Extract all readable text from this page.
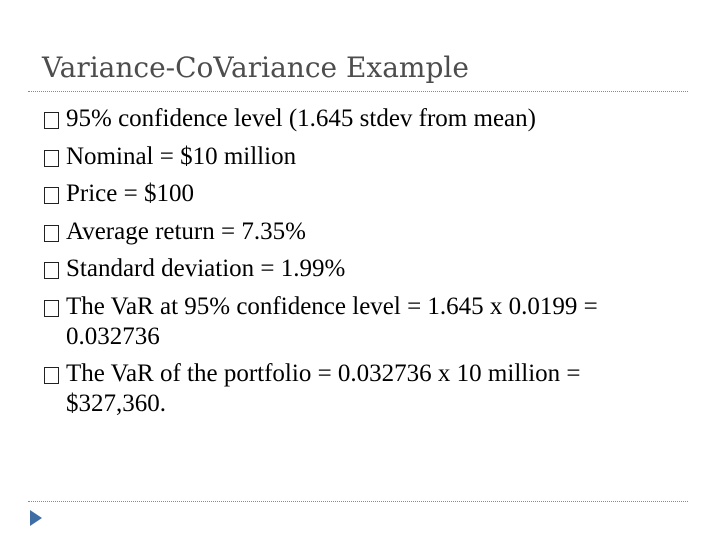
Variance-CoVariance Example
95% confidence level (1.645 stdev from mean)
Nominal = $10 million
Price = $100
Average return = 7.35%
Standard deviation = 1.99%
The VaR at 95% confidence level = 1.645 x 0.0199 = 0.032736
The VaR of the portfolio = 0.032736 x 10 million = $327,360.
